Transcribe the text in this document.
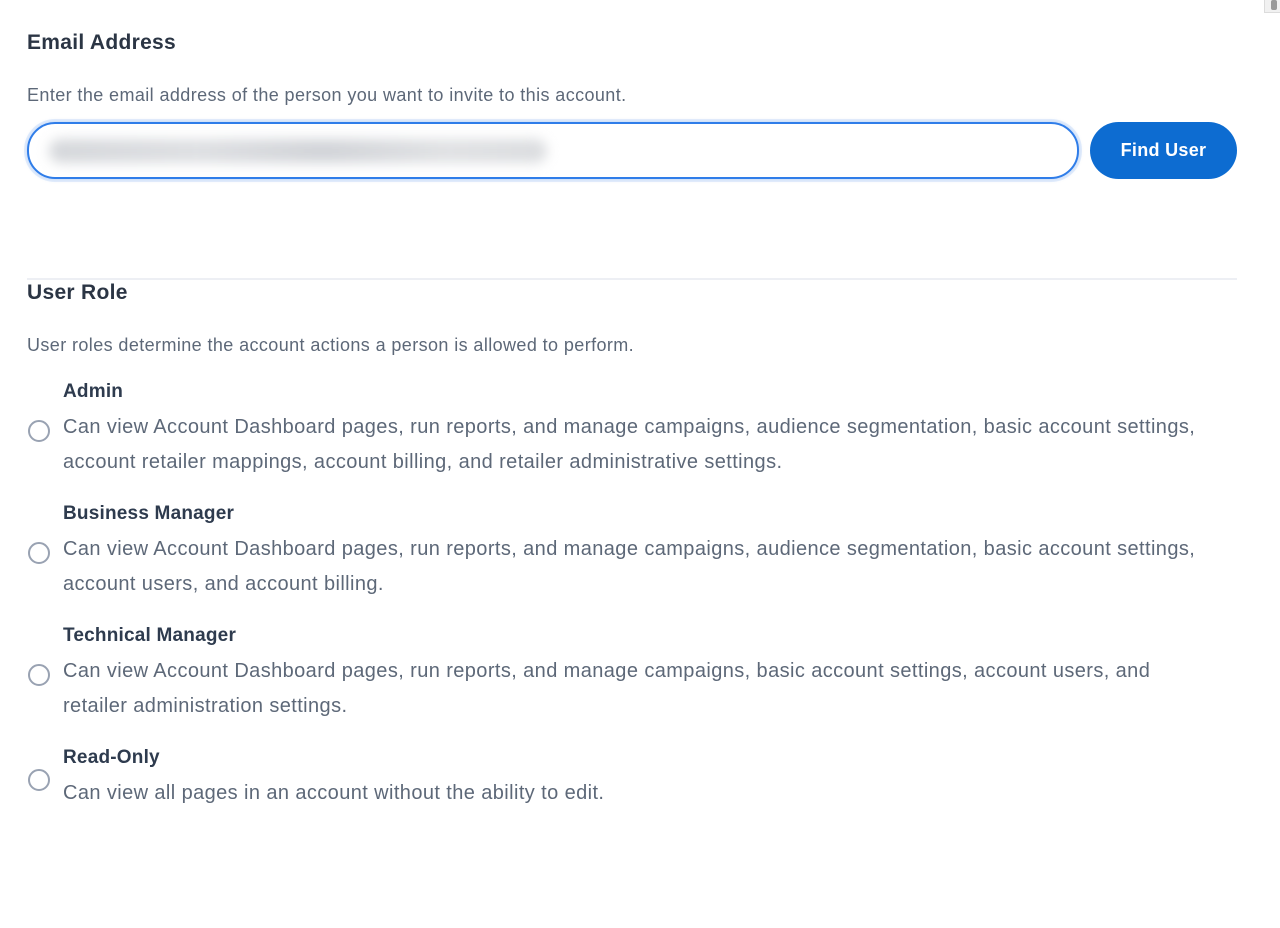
Email Address

Enter the email address of the person you want to invite to this account.

Find User
User Role

User roles determine the account actions a person is allowed to perform.

Admin
Can view Account Dashboard pages, run reports, and manage campaigns, audience segmentation, basic account settings, account retailer mappings, account billing, and retailer administrative settings.
Business Manager
Can view Account Dashboard pages, run reports, and manage campaigns, audience segmentation, basic account settings, account users, and account billing.
Technical Manager
Can view Account Dashboard pages, run reports, and manage campaigns, basic account settings, account users, and retailer administration settings.
Read-Only
Can view all pages in an account without the ability to edit.
